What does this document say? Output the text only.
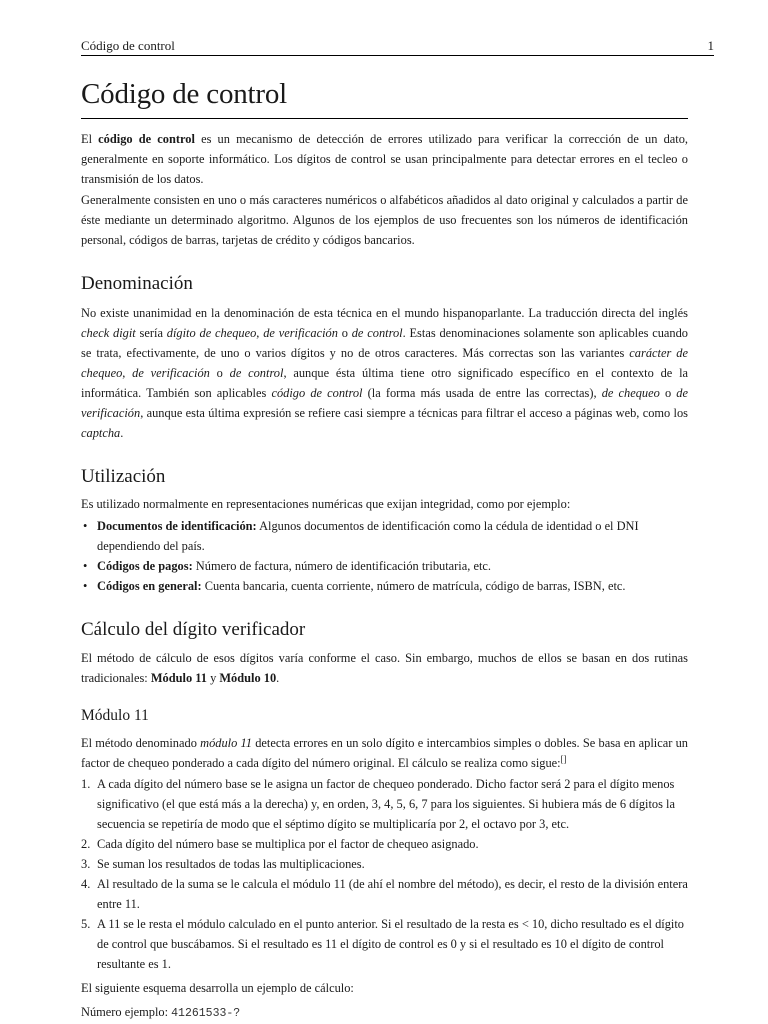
Código de control	1
Código de control

El código de control es un mecanismo de detección de errores utilizado para verificar la corrección de un dato, generalmente en soporte informático. Los dígitos de control se usan principalmente para detectar errores en el tecleo o transmisión de los datos.

Generalmente consisten en uno o más caracteres numéricos o alfabéticos añadidos al dato original y calculados a partir de éste mediante un determinado algoritmo. Algunos de los ejemplos de uso frecuentes son los números de identificación personal, códigos de barras, tarjetas de crédito y códigos bancarios.

Denominación

No existe unanimidad en la denominación de esta técnica en el mundo hispanoparlante. La traducción directa del inglés check digit sería dígito de chequeo, de verificación o de control. Estas denominaciones solamente son aplicables cuando se trata, efectivamente, de uno o varios dígitos y no de otros caracteres. Más correctas son las variantes carácter de chequeo, de verificación o de control, aunque ésta última tiene otro significado específico en el contexto de la informática. También son aplicables código de control (la forma más usada de entre las correctas), de chequeo o de verificación, aunque esta última expresión se refiere casi siempre a técnicas para filtrar el acceso a páginas web, como los captcha.

Utilización

Es utilizado normalmente en representaciones numéricas que exijan integridad, como por ejemplo:

• Documentos de identificación: Algunos documentos de identificación como la cédula de identidad o el DNI dependiendo del país.
• Códigos de pagos: Número de factura, número de identificación tributaria, etc.
• Códigos en general: Cuenta bancaria, cuenta corriente, número de matrícula, código de barras, ISBN, etc.
Cálculo del dígito verificador

El método de cálculo de esos dígitos varía conforme el caso. Sin embargo, muchos de ellos se basan en dos rutinas tradicionales: Módulo 11 y Módulo 10.

Módulo 11

El método denominado módulo 11 detecta errores en un solo dígito e intercambios simples o dobles. Se basa en aplicar un factor de chequeo ponderado a cada dígito del número original. El cálculo se realiza como sigue:[]

1. A cada dígito del número base se le asigna un factor de chequeo ponderado. Dicho factor será 2 para el dígito menos significativo (el que está más a la derecha) y, en orden, 3, 4, 5, 6, 7 para los siguientes. Si hubiera más de 6 dígitos la secuencia se repetiría de modo que el séptimo dígito se multiplicaría por 2, el octavo por 3, etc.
2. Cada dígito del número base se multiplica por el factor de chequeo asignado.
3. Se suman los resultados de todas las multiplicaciones.
4. Al resultado de la suma se le calcula el módulo 11 (de ahí el nombre del método), es decir, el resto de la división entera entre 11.
5. A 11 se le resta el módulo calculado en el punto anterior. Si el resultado de la resta es < 10, dicho resultado es el dígito de control que buscábamos. Si el resultado es 11 el dígito de control es 0 y si el resultado es 10 el dígito de control resultante es 1.

El siguiente esquema desarrolla un ejemplo de cálculo:

Número ejemplo: 41261533-?
